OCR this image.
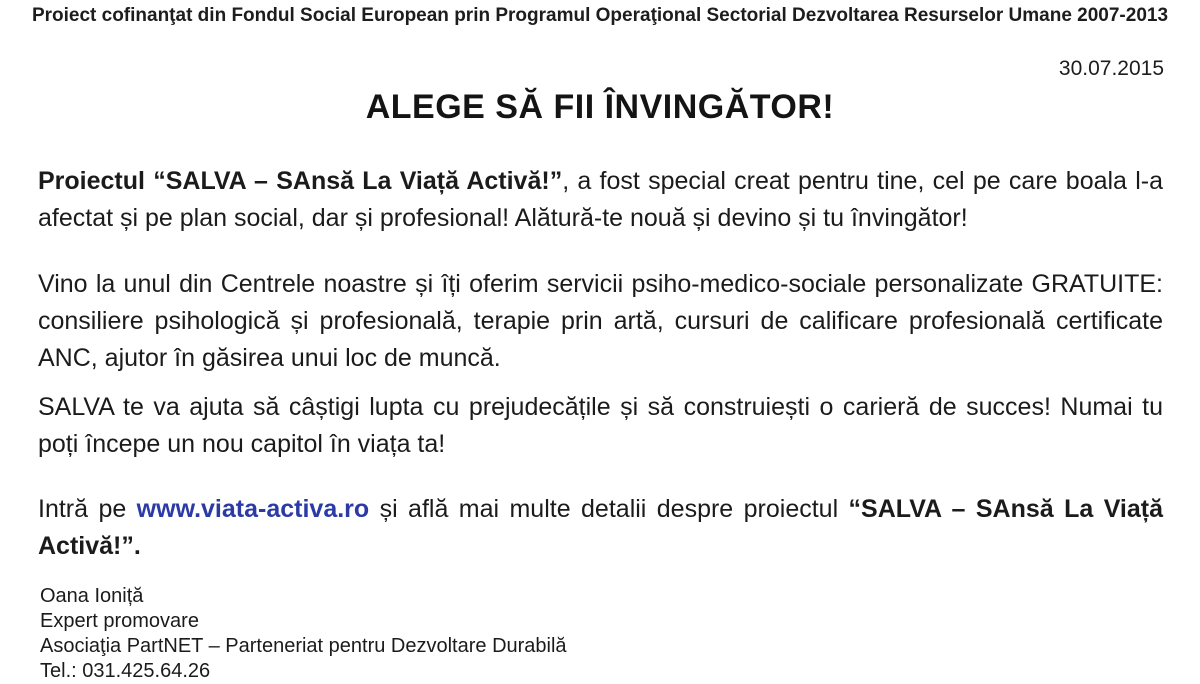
Proiect cofinanţat din Fondul Social European prin Programul Operaţional Sectorial Dezvoltarea Resurselor Umane 2007-2013
30.07.2015
ALEGE SĂ FII ÎNVINGĂTOR!

Proiectul “SALVA – SAnsă La Viață Activă!”, a fost special creat pentru tine, cel pe care boala l-a afectat și pe plan social, dar și profesional! Alătură-te nouă și devino și tu învingător!

Vino la unul din Centrele noastre și îți oferim servicii psiho-medico-sociale personalizate GRATUITE: consiliere psihologică și profesională, terapie prin artă, cursuri de calificare profesională certificate ANC, ajutor în găsirea unui loc de muncă.

SALVA te va ajuta să câștigi lupta cu prejudecățile și să construiești o carieră de succes! Numai tu poți începe un nou capitol în viața ta!

Intră pe www.viata-activa.ro și află mai multe detalii despre proiectul “SALVA – SAnsă La Viață Activă!”.

Oana Ioniță
Expert promovare
Asociaţia PartNET – Parteneriat pentru Dezvoltare Durabilă
Tel.: 031.425.64.26
